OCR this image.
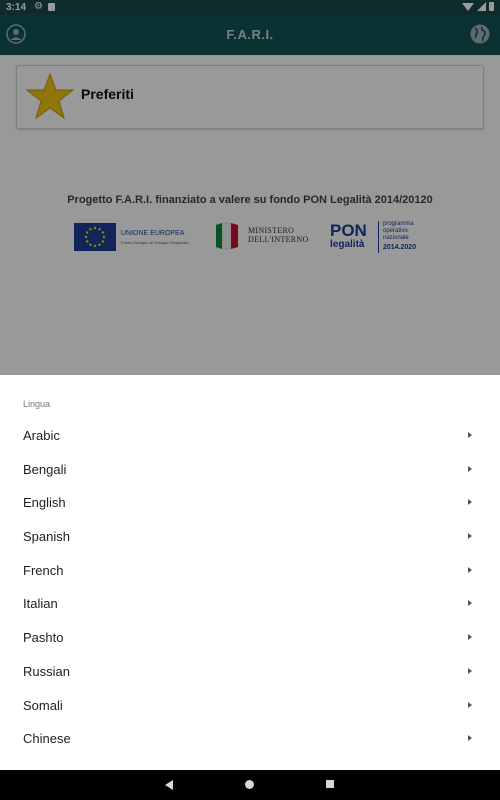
3:14 ⚙
F.A.R.I.
Preferiti
Progetto F.A.R.I. finanziato a valere su fondo PON Legalità 2014/20120
UNIONE EUROPEA
Fondo Europeo di Sviluppo Regionale
MINISTERO
DELL'INTERNO PON
legalità
programma
operativo
nazionale
2014.2020
Lingua
Arabic
Bengali
English
Spanish
French
Italian
Pashto
Russian
Somali
Chinese
